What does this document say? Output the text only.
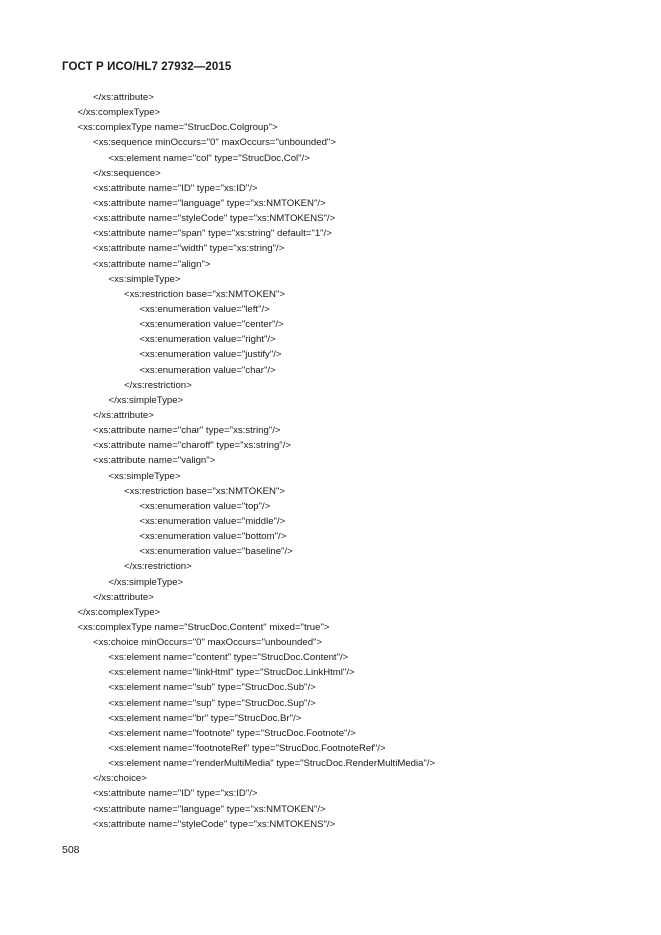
ГОСТ Р ИСО/HL7 27932—2015
</xs:attribute>
</xs:complexType>
<xs:complexType name="StrucDoc.Colgroup">
<xs:sequence minOccurs="0" maxOccurs="unbounded">
<xs:element name="col" type="StrucDoc.Col"/>
</xs:sequence>
<xs:attribute name="ID" type="xs:ID"/>
<xs:attribute name="language" type="xs:NMTOKEN"/>
<xs:attribute name="styleCode" type="xs:NMTOKENS"/>
<xs:attribute name="span" type="xs:string" default="1"/>
<xs:attribute name="width" type="xs:string"/>
<xs:attribute name="align">
<xs:simpleType>
<xs:restriction base="xs:NMTOKEN">
<xs:enumeration value="left"/>
<xs:enumeration value="center"/>
<xs:enumeration value="right"/>
<xs:enumeration value="justify"/>
<xs:enumeration value="char"/>
</xs:restriction>
</xs:simpleType>
</xs:attribute>
<xs:attribute name="char" type="xs:string"/>
<xs:attribute name="charoff" type="xs:string"/>
<xs:attribute name="valign">
<xs:simpleType>
<xs:restriction base="xs:NMTOKEN">
<xs:enumeration value="top"/>
<xs:enumeration value="middle"/>
<xs:enumeration value="bottom"/>
<xs:enumeration value="baseline"/>
</xs:restriction>
</xs:simpleType>
</xs:attribute>
</xs:complexType>
<xs:complexType name="StrucDoc.Content" mixed="true">
<xs:choice minOccurs="0" maxOccurs="unbounded">
<xs:element name="content" type="StrucDoc.Content"/>
<xs:element name="linkHtml" type="StrucDoc.LinkHtml"/>
<xs:element name="sub" type="StrucDoc.Sub"/>
<xs:element name="sup" type="StrucDoc.Sup"/>
<xs:element name="br" type="StrucDoc.Br"/>
<xs:element name="footnote" type="StrucDoc.Footnote"/>
<xs:element name="footnoteRef" type="StrucDoc.FootnoteRef"/>
<xs:element name="renderMultiMedia" type="StrucDoc.RenderMultiMedia"/>
</xs:choice>
<xs:attribute name="ID" type="xs:ID"/>
<xs:attribute name="language" type="xs:NMTOKEN"/>
<xs:attribute name="styleCode" type="xs:NMTOKENS"/>
508
